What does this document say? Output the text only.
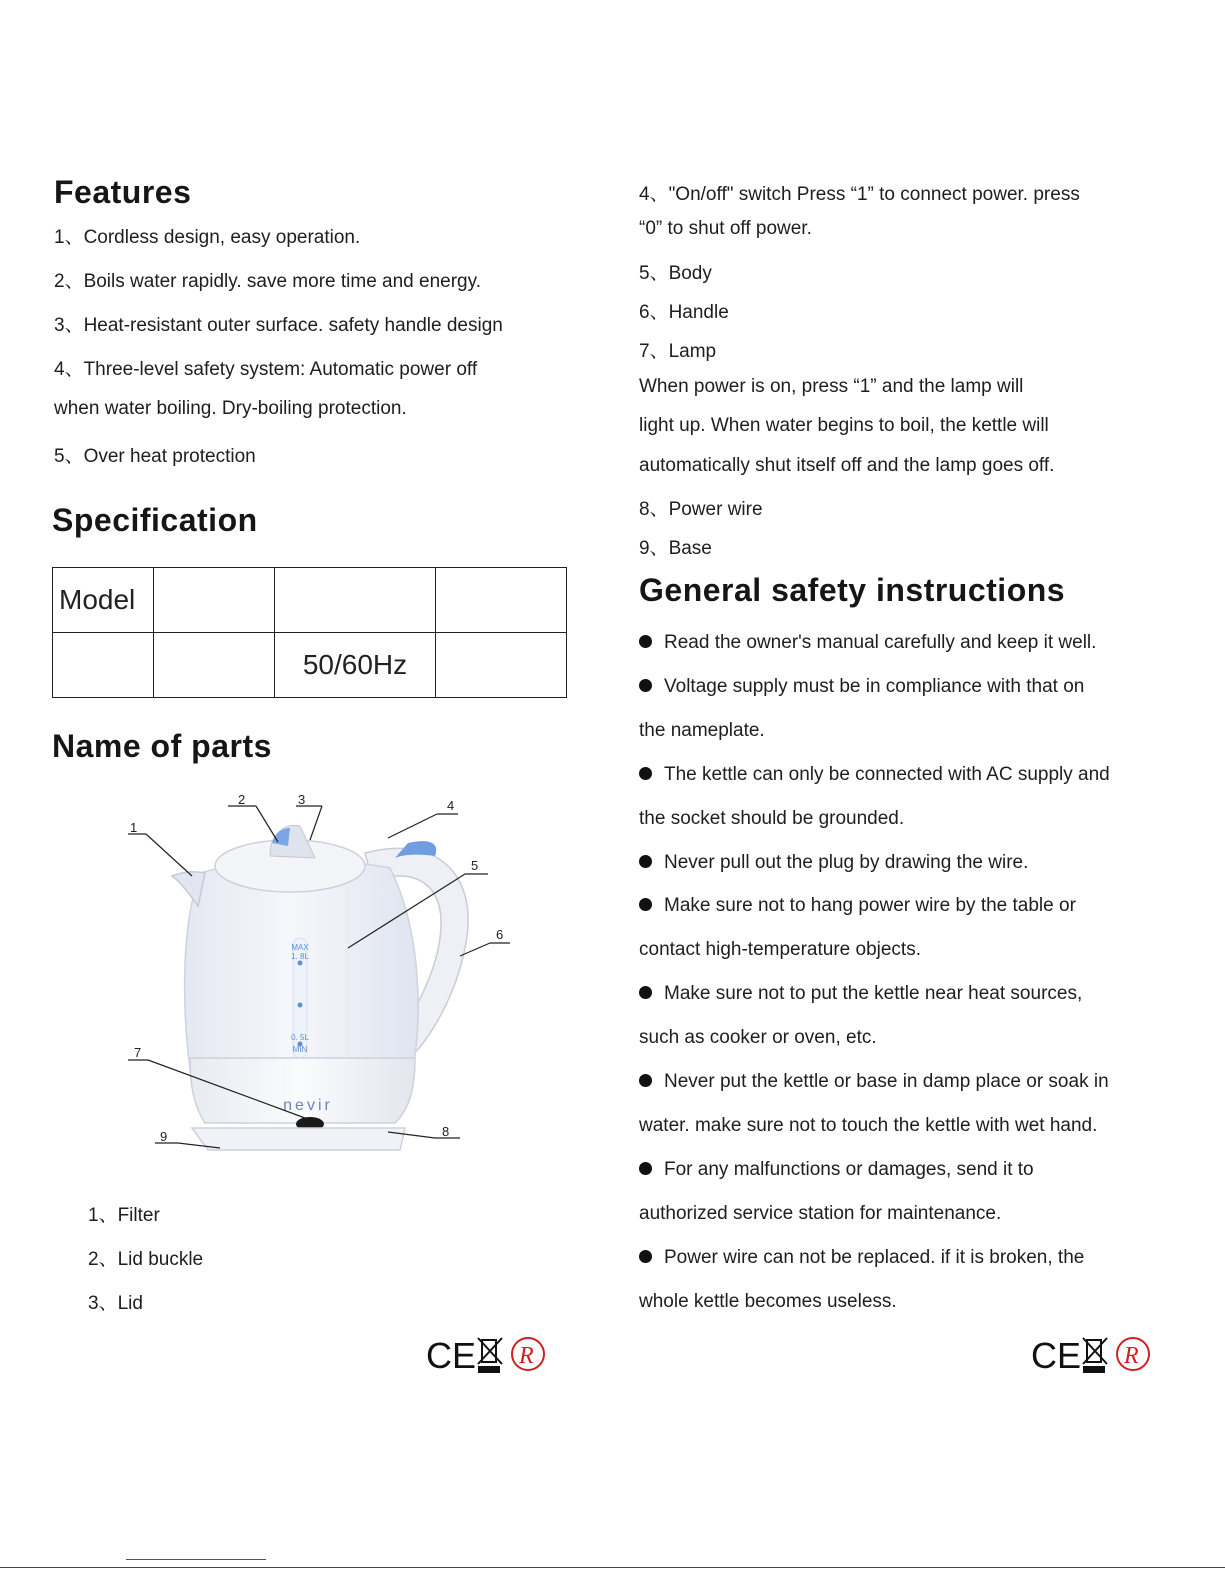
Features
1、Cordless design, easy operation.
2、Boils water rapidly. save more time and energy.
3、Heat-resistant outer surface. safety handle design
4、Three-level safety system: Automatic power off
when water boiling. Dry-boiling protection.
5、Over heat protection
Specification
Model			
		50/60Hz	
Name of parts
MAX
1. 8L
0. 5L
MIN
nevir
1
2	3	4
5
6
7
8
9
1、Filter
2、Lid buckle
3、Lid
CE R
4、"On/off" switch Press “1” to connect power. press
“0” to shut off power.
5、Body
6、Handle
7、Lamp
When power is on, press “1” and the lamp will
light up. When water begins to boil, the kettle will
automatically shut itself off and the lamp goes off.
8、Power wire
9、Base
General safety instructions
Read the owner's manual carefully and keep it well.
Voltage supply must be in compliance with that on
the nameplate.
The kettle can only be connected with AC supply and
the socket should be grounded.
Never pull out the plug by drawing the wire.
Make sure not to hang power wire by the table or
contact high-temperature objects.
Make sure not to put the kettle near heat sources,
such as cooker or oven, etc.
Never put the kettle or base in damp place or soak in
water. make sure not to touch the kettle with wet hand.
For any malfunctions or damages, send it to
authorized service station for maintenance.
Power wire can not be replaced. if it is broken, the
whole kettle becomes useless.
CE R
